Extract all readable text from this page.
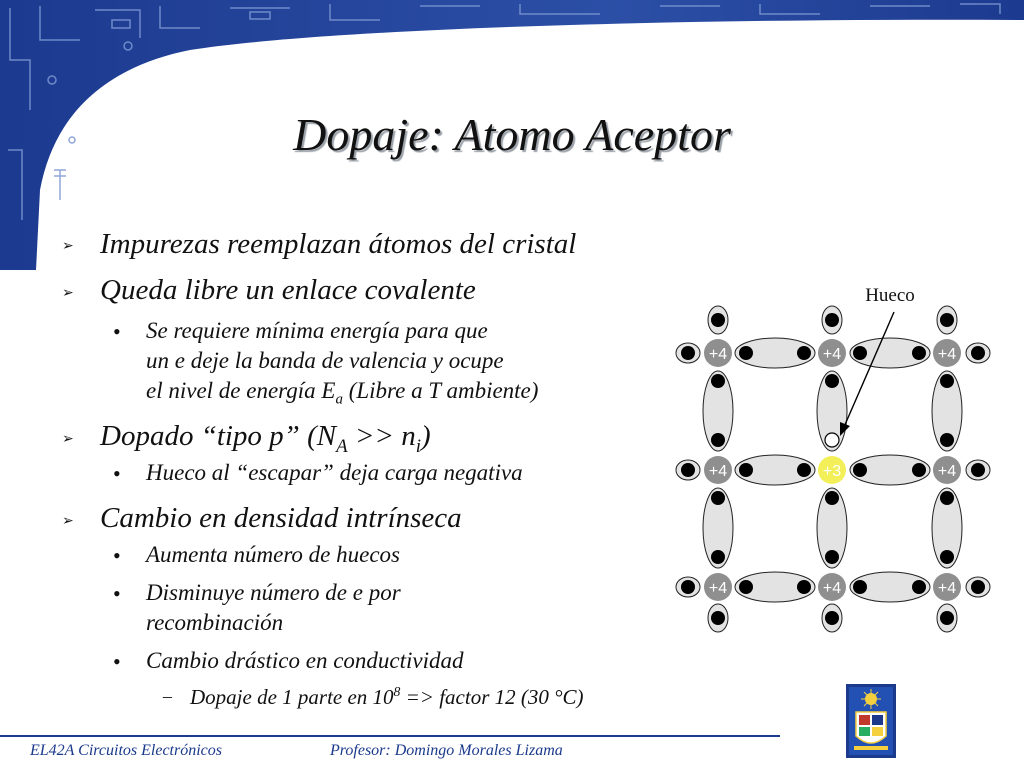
Dopaje: Atomo Aceptor
➢ Impurezas reemplazan átomos del cristal
➢ Queda libre un enlace covalente
• Se requiere mínima energía para que
un e deje la banda de valencia y ocupe
el nivel de energía $E_a$ (Libre a T ambiente)
➢ Dopado “tipo p” $(N_A >> n_i)$
• Hueco al “escapar” deja carga negativa
➢ Cambio en densidad intrínseca
• Aumenta número de huecos
• Disminuye número de e por
recombinación
• Cambio drástico en conductividad
– Dopaje de 1 parte en $10^8$ => factor 12 (30 °C)
+4	+4	+4
+4	+3	+4
+4	+4	+4
Hueco
EL42A Circuitos Electrónicos	Profesor: Domingo Morales Lizama
